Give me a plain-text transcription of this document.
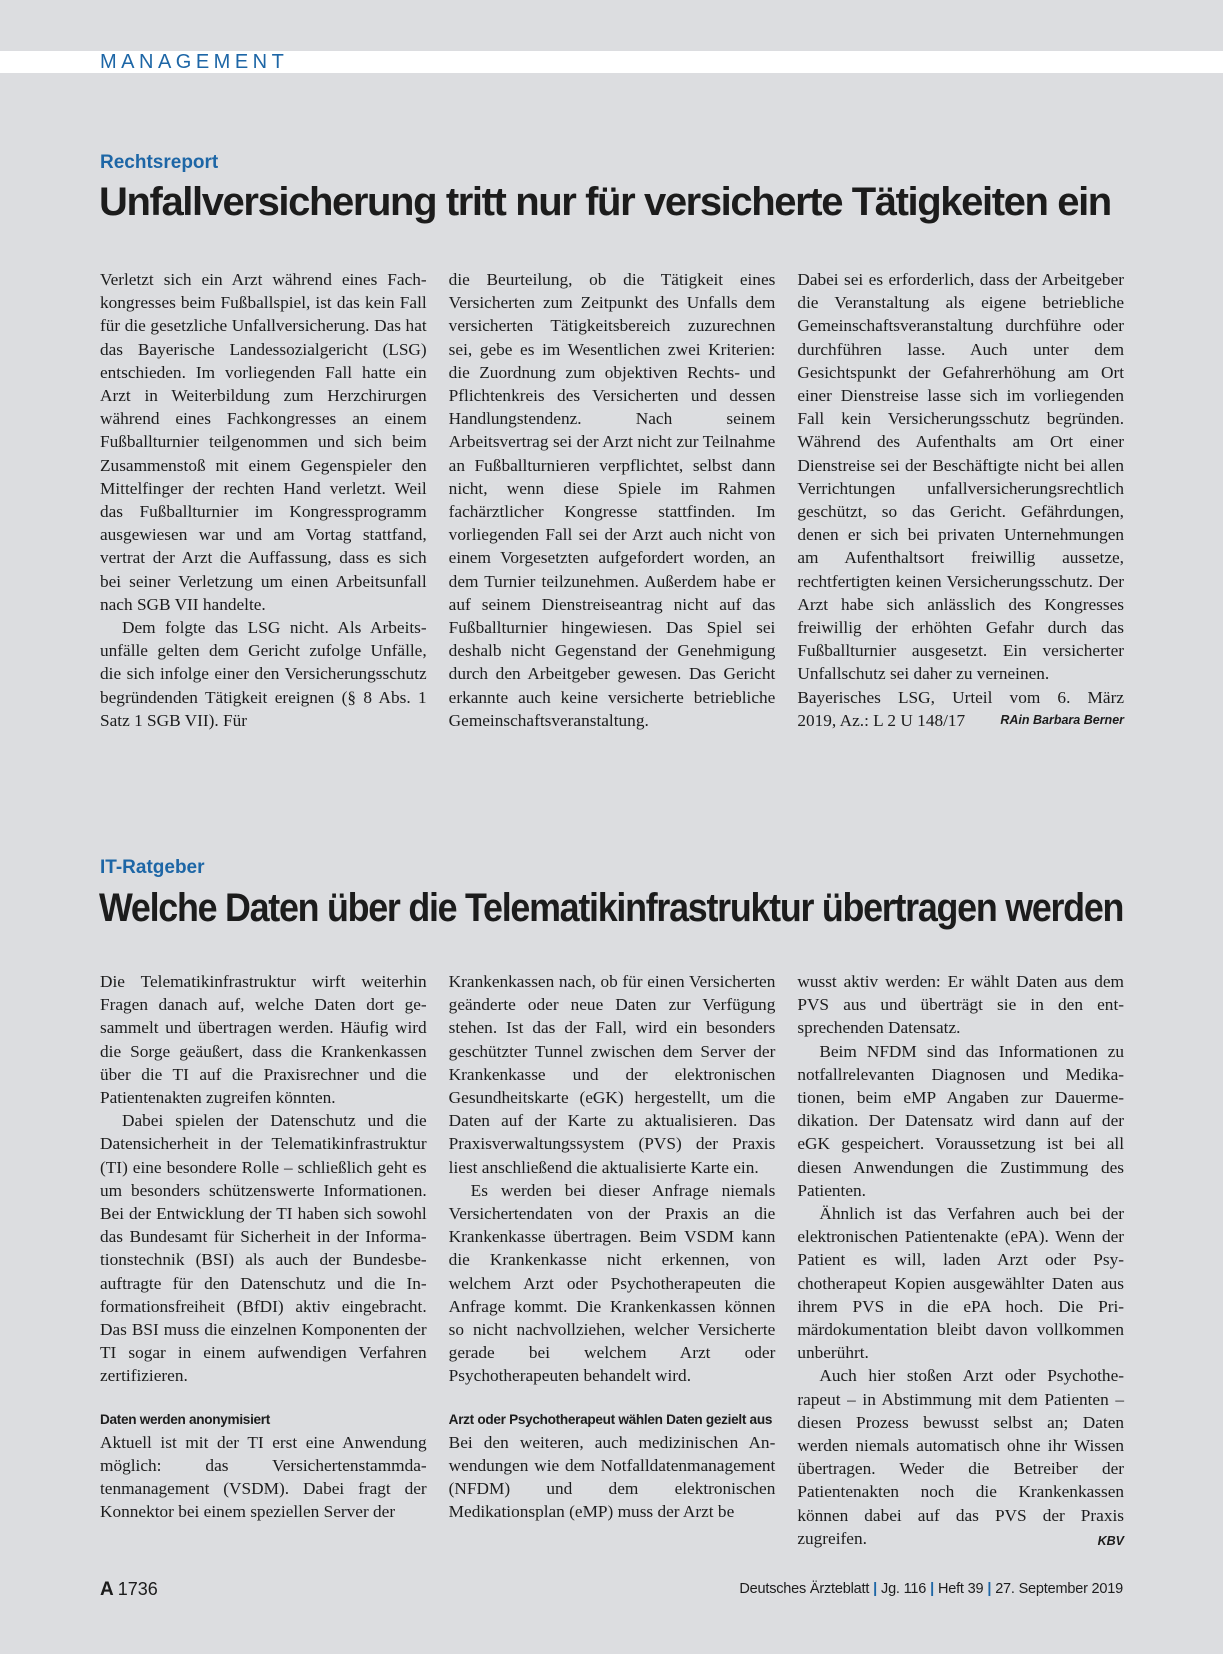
MANAGEMENT
Rechtsreport
Unfallversicherung tritt nur für versicherte Tätigkeiten ein

Verletzt sich ein Arzt während eines Fachkongresses beim Fußballspiel, ist das kein Fall für die gesetzliche Unfallversicherung. Das hat das Bayerische Landessozialgericht (LSG) entschieden. Im vorliegenden Fall hatte ein Arzt in Weiterbildung zum Herzchirurgen während eines Fachkongresses an einem Fußballturnier teilgenommen und sich beim Zusammenstoß mit einem Gegenspieler den Mittelfinger der rechten Hand verletzt. Weil das Fußballturnier im Kongressprogramm ausgewiesen war und am Vortag stattfand, vertrat der Arzt die Auffassung, dass es sich bei seiner Verletzung um einen Arbeitsunfall nach SGB VII handelte.

Dem folgte das LSG nicht. Als Arbeitsunfälle gelten dem Gericht zufolge Unfälle, die sich infolge einer den Versicherungsschutz begründenden Tätigkeit ereignen (§ 8 Abs. 1 Satz 1 SGB VII). Für

die Beurteilung, ob die Tätigkeit eines Versicherten zum Zeitpunkt des Unfalls dem versicherten Tätigkeitsbereich zuzurechnen sei, gebe es im Wesentlichen zwei Kriterien: die Zuordnung zum objektiven Rechts- und Pflichtenkreis des Versicherten und dessen Handlungstendenz. Nach seinem Arbeitsvertrag sei der Arzt nicht zur Teilnahme an Fußballturnieren verpflichtet, selbst dann nicht, wenn diese Spiele im Rahmen fachärztlicher Kongresse stattfinden. Im vorliegenden Fall sei der Arzt auch nicht von einem Vorgesetzten aufgefordert worden, an dem Turnier teilzunehmen. Außerdem habe er auf seinem Dienstreiseantrag nicht auf das Fußballturnier hingewiesen. Das Spiel sei deshalb nicht Gegenstand der Genehmigung durch den Arbeitgeber gewesen. Das Gericht erkannte auch keine versicherte betriebliche Gemeinschaftsveranstaltung.

Dabei sei es erforderlich, dass der Arbeitgeber die Veranstaltung als eigene betriebliche Gemeinschaftsveranstaltung durchführe oder durchführen lasse. Auch unter dem Gesichtspunkt der Gefahrerhöhung am Ort einer Dienstreise lasse sich im vorliegenden Fall kein Versicherungsschutz begründen. Während des Aufenthalts am Ort einer Dienstreise sei der Beschäftigte nicht bei allen Verrichtungen unfallversicherungsrechtlich geschützt, so das Gericht. Gefährdungen, denen er sich bei privaten Unternehmungen am Aufenthaltsort freiwillig aussetze, rechtfertigten keinen Versicherungsschutz. Der Arzt habe sich anlässlich des Kongresses freiwillig der erhöhten Gefahr durch das Fußballturnier ausgesetzt. Ein versicherter Unfallschutz sei daher zu verneinen.

Bayerisches LSG, Urteil vom 6. März

2019, Az.: L 2 U 148/17	RAin Barbara Berner

IT-Ratgeber
Welche Daten über die Telematikinfrastruktur übertragen werden

Die Telematikinfrastruktur wirft weiterhin Fragen danach auf, welche Daten dort gesammelt und übertragen werden. Häufig wird die Sorge geäußert, dass die Krankenkassen über die TI auf die Praxisrechner und die Patientenakten zugreifen könnten.

Dabei spielen der Datenschutz und die Datensicherheit in der Telematikinfrastruktur (TI) eine besondere Rolle – schließlich geht es um besonders schützenswerte Informationen. Bei der Entwicklung der TI haben sich sowohl das Bundesamt für Sicherheit in der Informationstechnik (BSI) als auch der Bundesbeauftragte für den Datenschutz und die Informationsfreiheit (BfDI) aktiv eingebracht. Das BSI muss die einzelnen Komponenten der TI sogar in einem aufwendigen Verfahren zertifizieren.

Daten werden anonymisiert

Aktuell ist mit der TI erst eine Anwendung möglich: das Versichertenstammdatenmanagement (VSDM). Dabei fragt der Konnektor bei einem speziellen Server der

Krankenkassen nach, ob für einen Versicherten geänderte oder neue Daten zur Verfügung stehen. Ist das der Fall, wird ein besonders geschützter Tunnel zwischen dem Server der Krankenkasse und der elektronischen Gesundheitskarte (eGK) hergestellt, um die Daten auf der Karte zu aktualisieren. Das Praxisverwaltungssystem (PVS) der Praxis liest anschließend die aktualisierte Karte ein.

Es werden bei dieser Anfrage niemals Versichertendaten von der Praxis an die Krankenkasse übertragen. Beim VSDM kann die Krankenkasse nicht erkennen, von welchem Arzt oder Psychotherapeuten die Anfrage kommt. Die Krankenkassen können so nicht nachvollziehen, welcher Versicherte gerade bei welchem Arzt oder Psychotherapeuten behandelt wird.

Arzt oder Psychotherapeut wählen Daten gezielt aus

Bei den weiteren, auch medizinischen Anwendungen wie dem Notfalldatenmanagement (NFDM) und dem elektronischen Medikationsplan (eMP) muss der Arzt be

wusst aktiv werden: Er wählt Daten aus dem PVS aus und überträgt sie in den entsprechenden Datensatz.

Beim NFDM sind das Informationen zu notfallrelevanten Diagnosen und Medikationen, beim eMP Angaben zur Dauermedikation. Der Datensatz wird dann auf der eGK gespeichert. Voraussetzung ist bei all diesen Anwendungen die Zustimmung des Patienten.

Ähnlich ist das Verfahren auch bei der elektronischen Patientenakte (ePA). Wenn der Patient es will, laden Arzt oder Psychotherapeut Kopien ausgewählter Daten aus ihrem PVS in die ePA hoch. Die Primärdokumentation bleibt davon vollkommen unberührt.

Auch hier stoßen Arzt oder Psychotherapeut – in Abstimmung mit dem Patienten – diesen Prozess bewusst selbst an; Daten werden niemals automatisch ohne ihr Wissen übertragen. Weder die Betreiber der Patientenakten noch die Krankenkassen können dabei auf das PVS der Praxis zugreifen.	KBV

A 1736	Deutsches Ärzteblatt | Jg. 116 | Heft 39 | 27. September 2019
